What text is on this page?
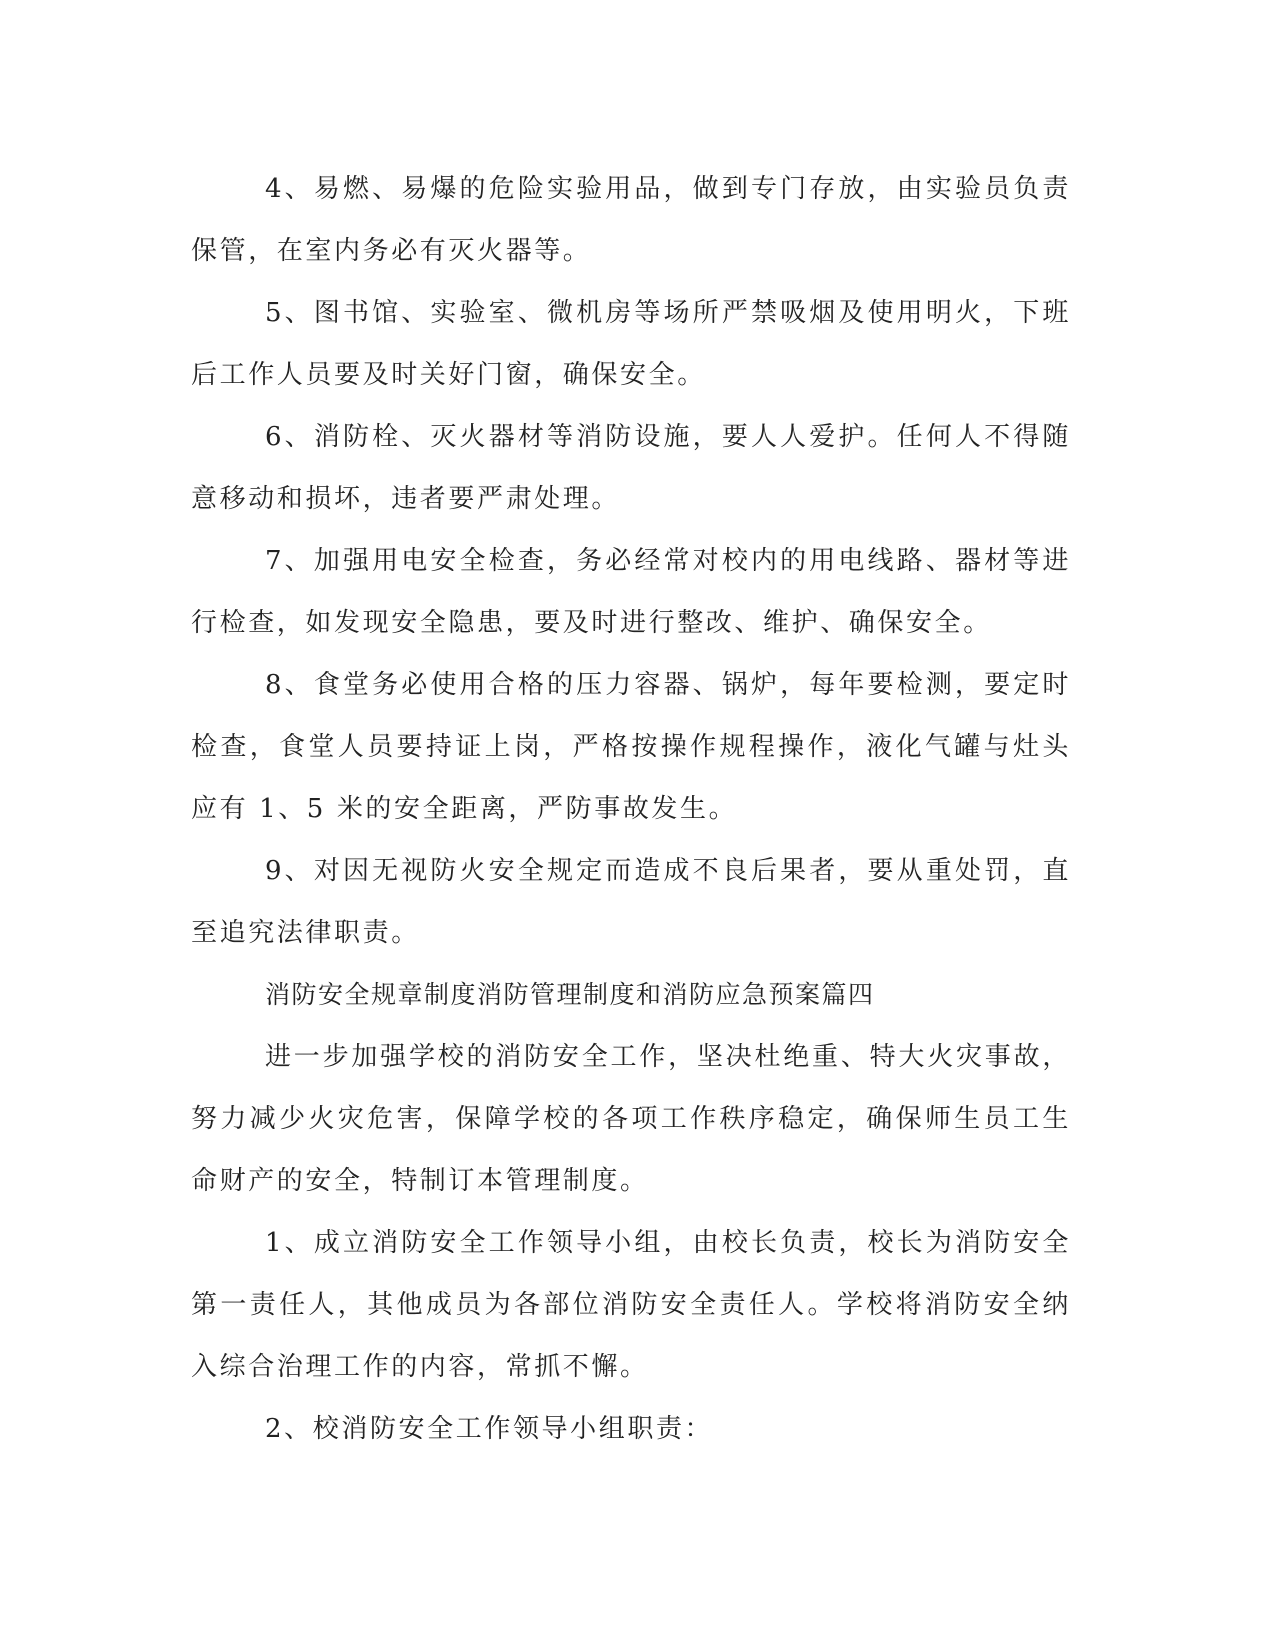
4、易燃、易爆的危险实验用品，做到专门存放，由实验员负责保管，在室内务必有灭火器等。

5、图书馆、实验室、微机房等场所严禁吸烟及使用明火，下班后工作人员要及时关好门窗，确保安全。

6、消防栓、灭火器材等消防设施，要人人爱护。任何人不得随意移动和损坏，违者要严肃处理。

7、加强用电安全检查，务必经常对校内的用电线路、器材等进行检查，如发现安全隐患，要及时进行整改、维护、确保安全。

8、食堂务必使用合格的压力容器、锅炉，每年要检测，要定时检查，食堂人员要持证上岗，严格按操作规程操作，液化气罐与灶头应有 1、5 米的安全距离，严防事故发生。

9、对因无视防火安全规定而造成不良后果者，要从重处罚，直至追究法律职责。

消防安全规章制度消防管理制度和消防应急预案篇四

进一步加强学校的消防安全工作，坚决杜绝重、特大火灾事故，努力减少火灾危害，保障学校的各项工作秩序稳定，确保师生员工生命财产的安全，特制订本管理制度。

1、成立消防安全工作领导小组，由校长负责，校长为消防安全第一责任人，其他成员为各部位消防安全责任人。学校将消防安全纳入综合治理工作的内容，常抓不懈。

2、校消防安全工作领导小组职责：
